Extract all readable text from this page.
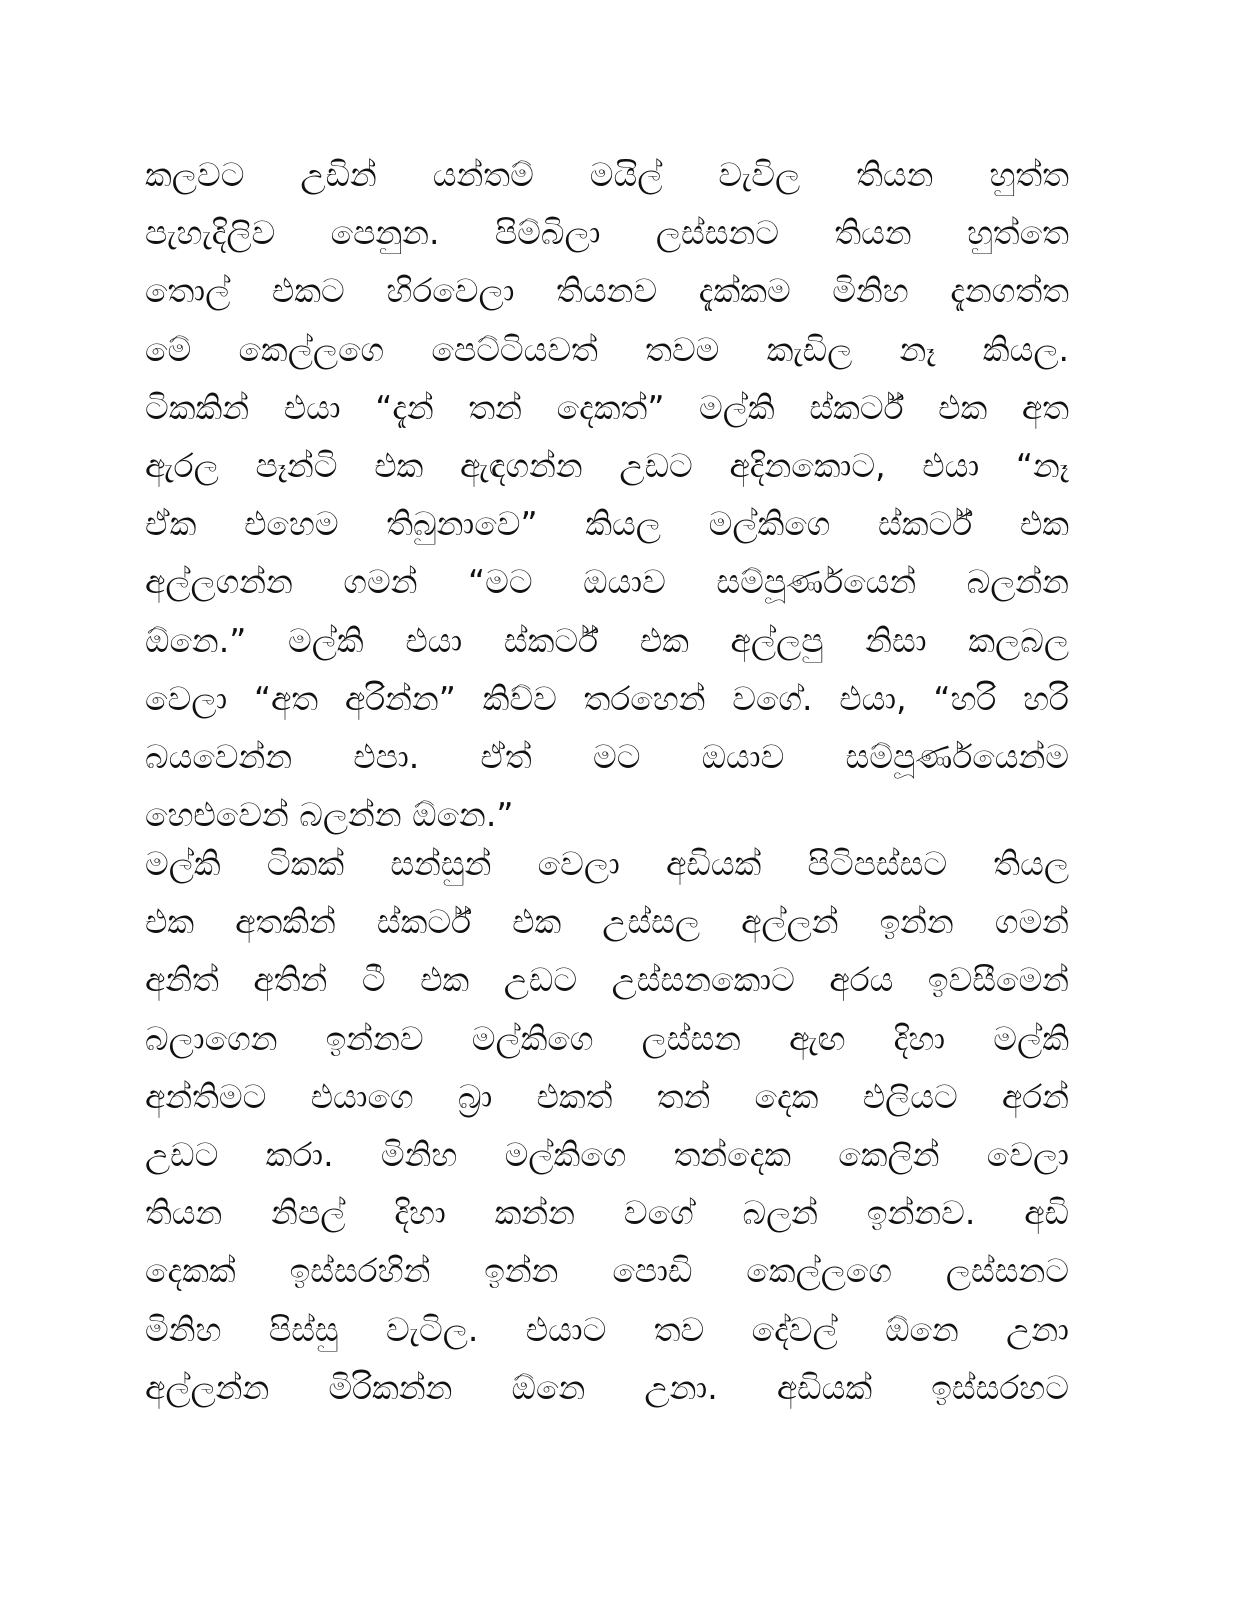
කලවට උඩින් යන්තම් මයිල් වැවිල තියන හුත්ත
පැහැදිලිව පෙනුන. පිම්බිලා ලස්සනට තියන හුත්තෙ
තොල් එකට හිරවෙලා තියනව දැක්කම මිනිහ දැනගත්ත
මේ කෙල්ලගෙ පෙට්ටියවත් තවම කැඩිල නෑ කියල.
ටිකකින් එයා “දැන් තන් දෙකත්” මල්කි ස්කර්ට් එක අත
ඇරල පෑන්ටි එක ඇඳගන්න උඩට අදිනකොට, එයා “නෑ
ඒක එහෙම තිබුනාවෙ” කියල මල්කිගෙ ස්කර්ට් එක
අල්ලගන්න ගමන් “මට ඔයාව සම්පූර්ණයෙන් බලන්න
ඕනෙ.” මල්කි එයා ස්කර්ට් එක අල්ලපු නිසා කලබල
වෙලා “අත අරින්න” කිව්ව තරහෙන් වගේ. එයා, “හරි හරි
බයවෙන්න එපා. ඒත් මට ඔයාව සම්පූර්ණයෙන්ම
හෙළුවෙන් බලන්න ඕනෙ.”
මල්කි ටිකක් සන්සුන් වෙලා අඩියක් පිටිපස්සට තියල
එක අතකින් ස්කර්ට් එක උස්සල අල්ලන් ඉන්න ගමන්
අනිත් අතින් ටී එක උඩට උස්සනකොට අරය ඉවසීමෙන්
බලාගෙන ඉන්නව මල්කිගෙ ලස්සන ඇඟ දිහා මල්කි
අන්තිමට එයාගෙ බ්‍රා එකත් තන් දෙක එලියට අරන්
උඩට කරා. මිනිහ මල්කිගෙ තන්දෙක කෙලින් වෙලා
තියන නිපල් දිහා කන්න වගේ බලන් ඉන්නව. අඩි
දෙකක් ඉස්සරහින් ඉන්න පොඩි කෙල්ලගෙ ලස්සනට
මිනිහ පිස්සු වැටිල. එයාට තව දේවල් ඕනෙ උනා
අල්ලන්න මිරිකන්න ඕනෙ උනා. අඩියක් ඉස්සරහට
